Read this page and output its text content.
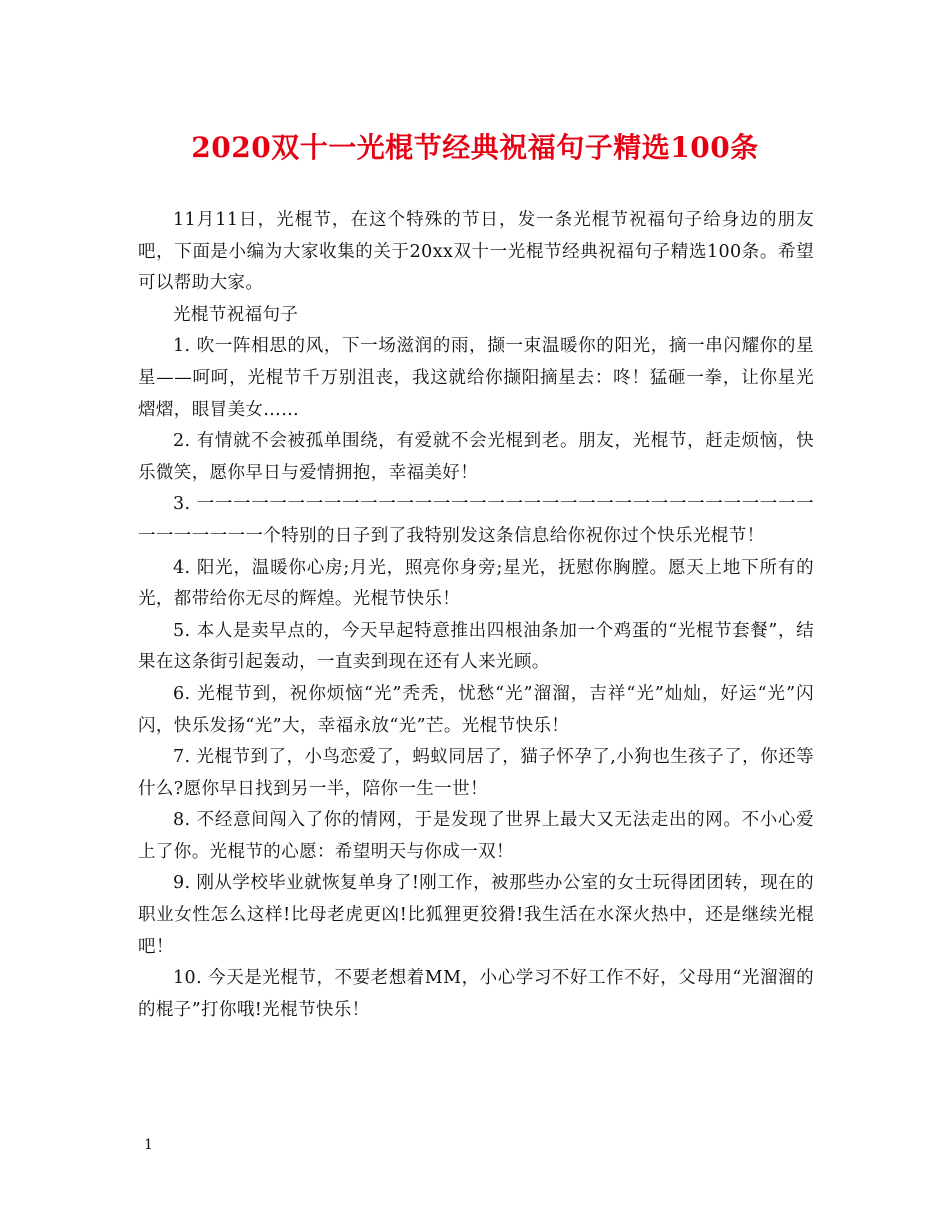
2020双十一光棍节经典祝福句子精选100条

11月11日，光棍节，在这个特殊的节日，发一条光棍节祝福句子给身边的朋友吧，下面是小编为大家收集的关于20xx双十一光棍节经典祝福句子精选100条。希望可以帮助大家。

光棍节祝福句子

1. 吹一阵相思的风，下一场滋润的雨，撷一束温暖你的阳光，摘一串闪耀你的星星——呵呵，光棍节千万别沮丧，我这就给你撷阳摘星去：咚！猛砸一拳，让你星光熠熠，眼冒美女……

2. 有情就不会被孤单围绕，有爱就不会光棍到老。朋友，光棍节，赶走烦恼，快乐微笑，愿你早日与爱情拥抱，幸福美好！

3. 一一一一一一一一一一一一一一一一一一一一一一一一一一一一一一一一一一一一一一一一一个特别的日子到了我特别发这条信息给你祝你过个快乐光棍节！

4. 阳光，温暖你心房;月光，照亮你身旁;星光，抚慰你胸膛。愿天上地下所有的光，都带给你无尽的辉煌。光棍节快乐！

5. 本人是卖早点的，今天早起特意推出四根油条加一个鸡蛋的“光棍节套餐”，结果在这条街引起轰动，一直卖到现在还有人来光顾。

6. 光棍节到，祝你烦恼“光”秃秃，忧愁“光”溜溜，吉祥“光”灿灿，好运“光”闪闪，快乐发扬“光”大，幸福永放“光”芒。光棍节快乐！

7. 光棍节到了，小鸟恋爱了，蚂蚁同居了，猫子怀孕了,小狗也生孩子了，你还等什么?愿你早日找到另一半，陪你一生一世！

8. 不经意间闯入了你的情网，于是发现了世界上最大又无法走出的网。不小心爱上了你。光棍节的心愿：希望明天与你成一双！

9. 刚从学校毕业就恢复单身了!刚工作，被那些办公室的女士玩得团团转，现在的职业女性怎么这样!比母老虎更凶!比狐狸更狡猾!我生活在水深火热中，还是继续光棍吧！

10. 今天是光棍节，不要老想着MM，小心学习不好工作不好，父母用“光溜溜的的棍子”打你哦!光棍节快乐！

1
